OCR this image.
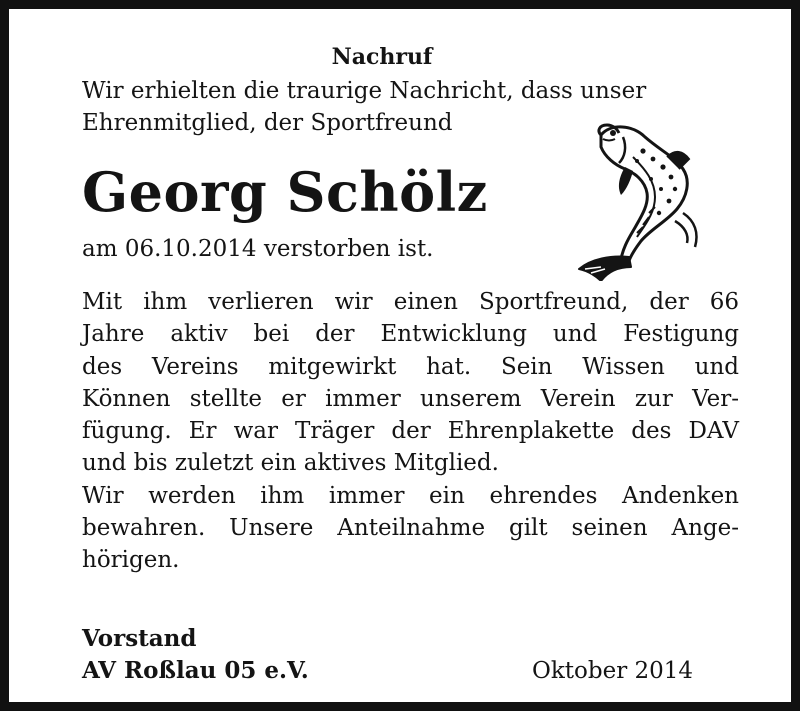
Nachruf
Wir erhielten die traurige Nachricht, dass unser
Ehrenmitglied, der Sportfreund
Georg Schölz
am 06.10.2014 verstorben ist.
Mit ihm verlieren wir einen Sportfreund, der 66
Jahre aktiv bei der Entwicklung und Festigung
des Vereins mitgewirkt hat. Sein Wissen und
Können stellte er immer unserem Verein zur Ver-
fügung. Er war Träger der Ehrenplakette des DAV
und bis zuletzt ein aktives Mitglied.
Wir werden ihm immer ein ehrendes Andenken
bewahren. Unsere Anteilnahme gilt seinen Ange-
hörigen.
Vorstand
AV Roßlau 05 e.V.	Oktober 2014
